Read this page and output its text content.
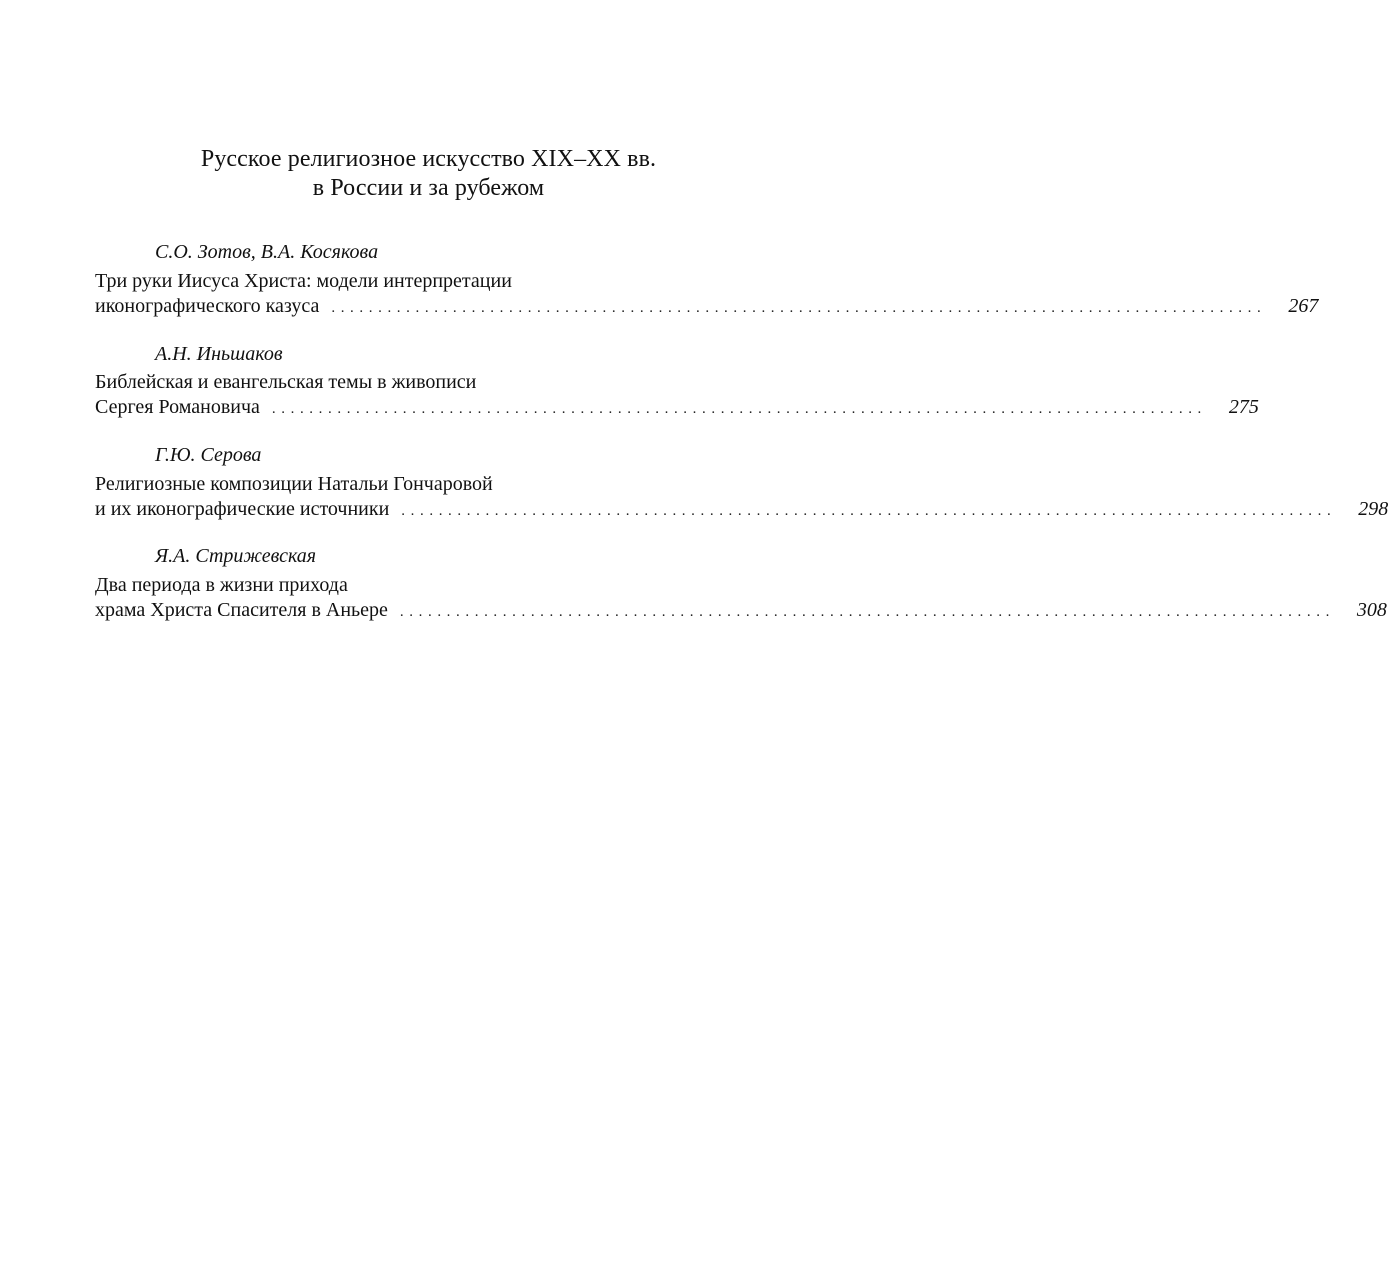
Русское религиозное искусство XIX–XX вв.
в России и за рубежом
С.О. Зотов, В.А. Косякова
Три руки Иисуса Христа: модели интерпретации
иконографического казуса .................................................................................................... 267
А.Н. Иньшаков
Библейская и евангельская темы в живописи
Сергея Романовича .................................................................................................... 275
Г.Ю. Серова
Религиозные композиции Натальи Гончаровой
и их иконографические источники .................................................................................................... 298
Я.А. Стрижевская
Два периода в жизни прихода
храма Христа Спасителя в Аньере .................................................................................................... 308
